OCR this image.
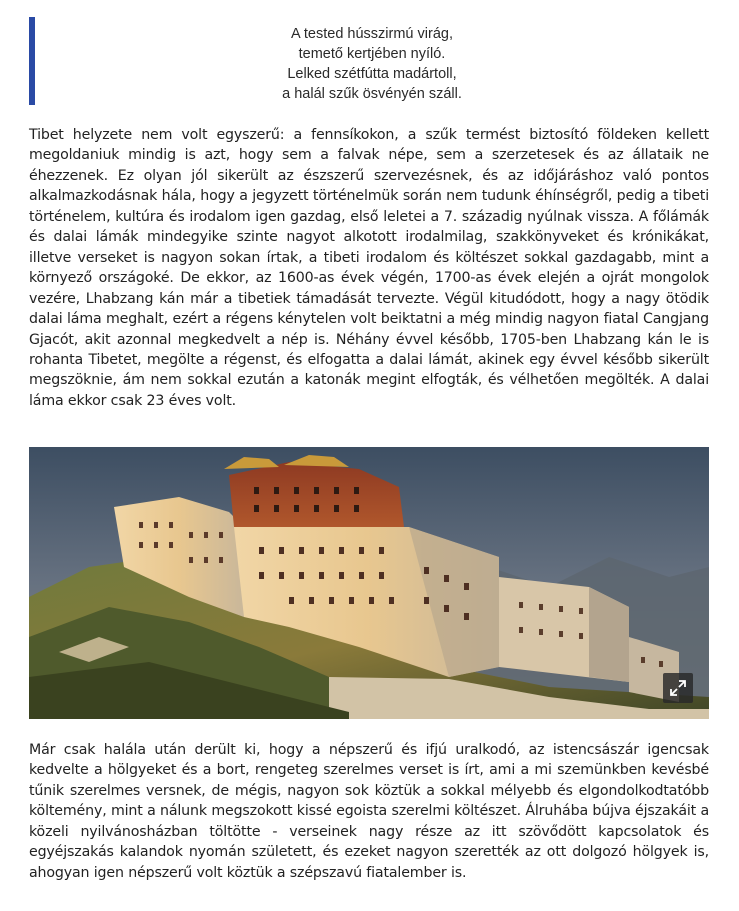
A tested hússzirmú virág,
temető kertjében nyíló.
Lelked szétfútta madártoll,
a halál szűk ösvényén száll.

Tibet helyzete nem volt egyszerű: a fennsíkokon, a szűk termést biztosító földeken kellett megoldaniuk mindig is azt, hogy sem a falvak népe, sem a szerzetesek és az állataik ne éhezzenek. Ez olyan jól sikerült az észszerű szervezésnek, és az időjáráshoz való pontos alkalmazkodásnak hála, hogy a jegyzett történelmük során nem tudunk éhínségről, pedig a tibeti történelem, kultúra és irodalom igen gazdag, első leletei a 7. századig nyúlnak vissza. A főlámák és dalai lámák mindegyike szinte nagyot alkotott irodalmilag, szakkönyveket és krónikákat, illetve verseket is nagyon sokan írtak, a tibeti irodalom és költészet sokkal gazdagabb, mint a környező országoké. De ekkor, az 1600-as évek végén, 1700-as évek elején a ojrát mongolok vezére, Lhabzang kán már a tibetiek támadását tervezte. Végül kitudódott, hogy a nagy ötödik dalai láma meghalt, ezért a régens kénytelen volt beiktatni a még mindig nagyon fiatal Cangjang Gjacót, akit azonnal megkedvelt a nép is. Néhány évvel később, 1705-ben Lhabzang kán le is rohanta Tibetet, megölte a régenst, és elfogatta a dalai lámát, akinek egy évvel később sikerült megszöknie, ám nem sokkal ezután a katonák megint elfogták, és vélhetően megölték. A dalai láma ekkor csak 23 éves volt.

Már csak halála után derült ki, hogy a népszerű és ifjú uralkodó, az istencsászár igencsak kedvelte a hölgyeket és a bort, rengeteg szerelmes verset is írt, ami a mi szemünkben kevésbé tűnik szerelmes versnek, de mégis, nagyon sok köztük a sokkal mélyebb és elgondolkodtatóbb költemény, mint a nálunk megszokott kissé egoista szerelmi költészet. Álruhába bújva éjszakáit a közeli nyilvánosházban töltötte - verseinek nagy része az itt szövődött kapcsolatok és egyéjszakás kalandok nyomán született, és ezeket nagyon szerették az ott dolgozó hölgyek is, ahogyan igen népszerű volt köztük a szépszavú fiatalember is.
